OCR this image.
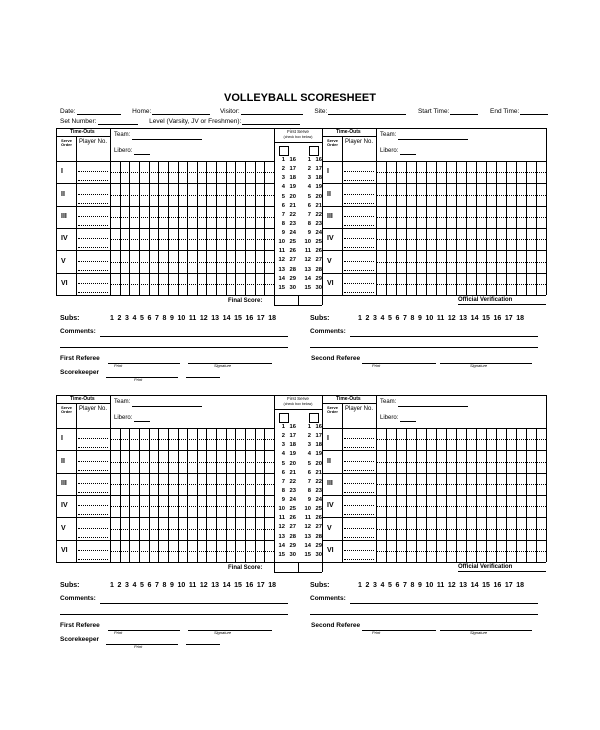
VOLLEYBALL SCORESHEET
Date:	Home:	Visitor:	Site:	Start Time:	End Time:
Set Number:	Level (Varsity, JV or Freshmen):
Time-Outs
Team:
Serve Order	Player No.
Libero:
I
II
III
IV
V
VI
Time-Outs
Team:
Serve Order	Player No.
Libero:
I
II
III
IV
V
VI
First Serve
(check box below)
1 16	1 16
2 17	2 17
3 18	3 18
4 19	4 19
5 20	5 20
6 21	6 21
7 22	7 22
8 23	8 23
9 24	9 24
10 25	10 25
11 26	11 26
12 27	12 27
13 28	13 28
14 29	14 29
15 30	15 30
Final Score:	Official Verification
Subs:	1 2 3 4 5 6 7 8 9 10 11 12 13 14 15 16 17 18
Comments:
Subs:	1 2 3 4 5 6 7 8 9 10 11 12 13 14 15 16 17 18
Comments:
First Referee
Print	Signature
Second Referee
Print	Signature
Scorekeeper
Print
Time-Outs
Team:
Serve Order	Player No.
Libero:
I
II
III
IV
V
VI
Time-Outs
Team:
Serve Order	Player No.
Libero:
I
II
III
IV
V
VI
First Serve
(check box below)
1 16	1 16
2 17	2 17
3 18	3 18
4 19	4 19
5 20	5 20
6 21	6 21
7 22	7 22
8 23	8 23
9 24	9 24
10 25	10 25
11 26	11 26
12 27	12 27
13 28	13 28
14 29	14 29
15 30	15 30
Final Score:	Official Verification
Subs:	1 2 3 4 5 6 7 8 9 10 11 12 13 14 15 16 17 18
Comments:
Subs:	1 2 3 4 5 6 7 8 9 10 11 12 13 14 15 16 17 18
Comments:
First Referee
Print	Signature
Second Referee
Print	Signature
Scorekeeper
Print
